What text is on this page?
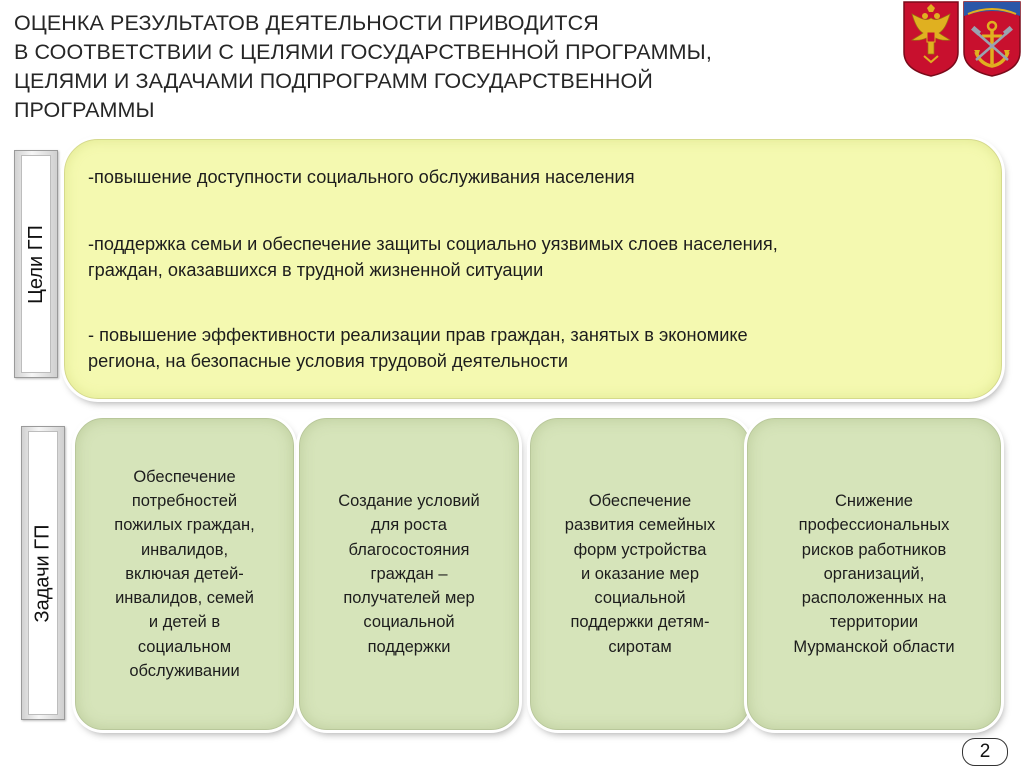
ОЦЕНКА РЕЗУЛЬТАТОВ ДЕЯТЕЛЬНОСТИ ПРИВОДИТСЯ
В СООТВЕТСТВИИ С ЦЕЛЯМИ ГОСУДАРСТВЕННОЙ ПРОГРАММЫ,
ЦЕЛЯМИ И ЗАДАЧАМИ ПОДПРОГРАММ ГОСУДАРСТВЕННОЙ
ПРОГРАММЫ
Цели ГП
-повышение доступности социального обслуживания населения
-поддержка семьи и обеспечение защиты социально уязвимых слоев населения,
граждан, оказавшихся в трудной жизненной ситуации
- повышение эффективности реализации прав граждан, занятых в экономике
региона, на безопасные условия трудовой деятельности
Задачи ГП
Обеспечение
потребностей
пожилых граждан,
инвалидов,
включая детей-
инвалидов, семей
и детей в
социальном
обслуживании
Создание условий
для роста
благосостояния
граждан –
получателей мер
социальной
поддержки
Обеспечение
развития семейных
форм устройства
и оказание мер
социальной
поддержки детям-
сиротам
Снижение
профессиональных
рисков работников
организаций,
расположенных на
территории
Мурманской области
2
